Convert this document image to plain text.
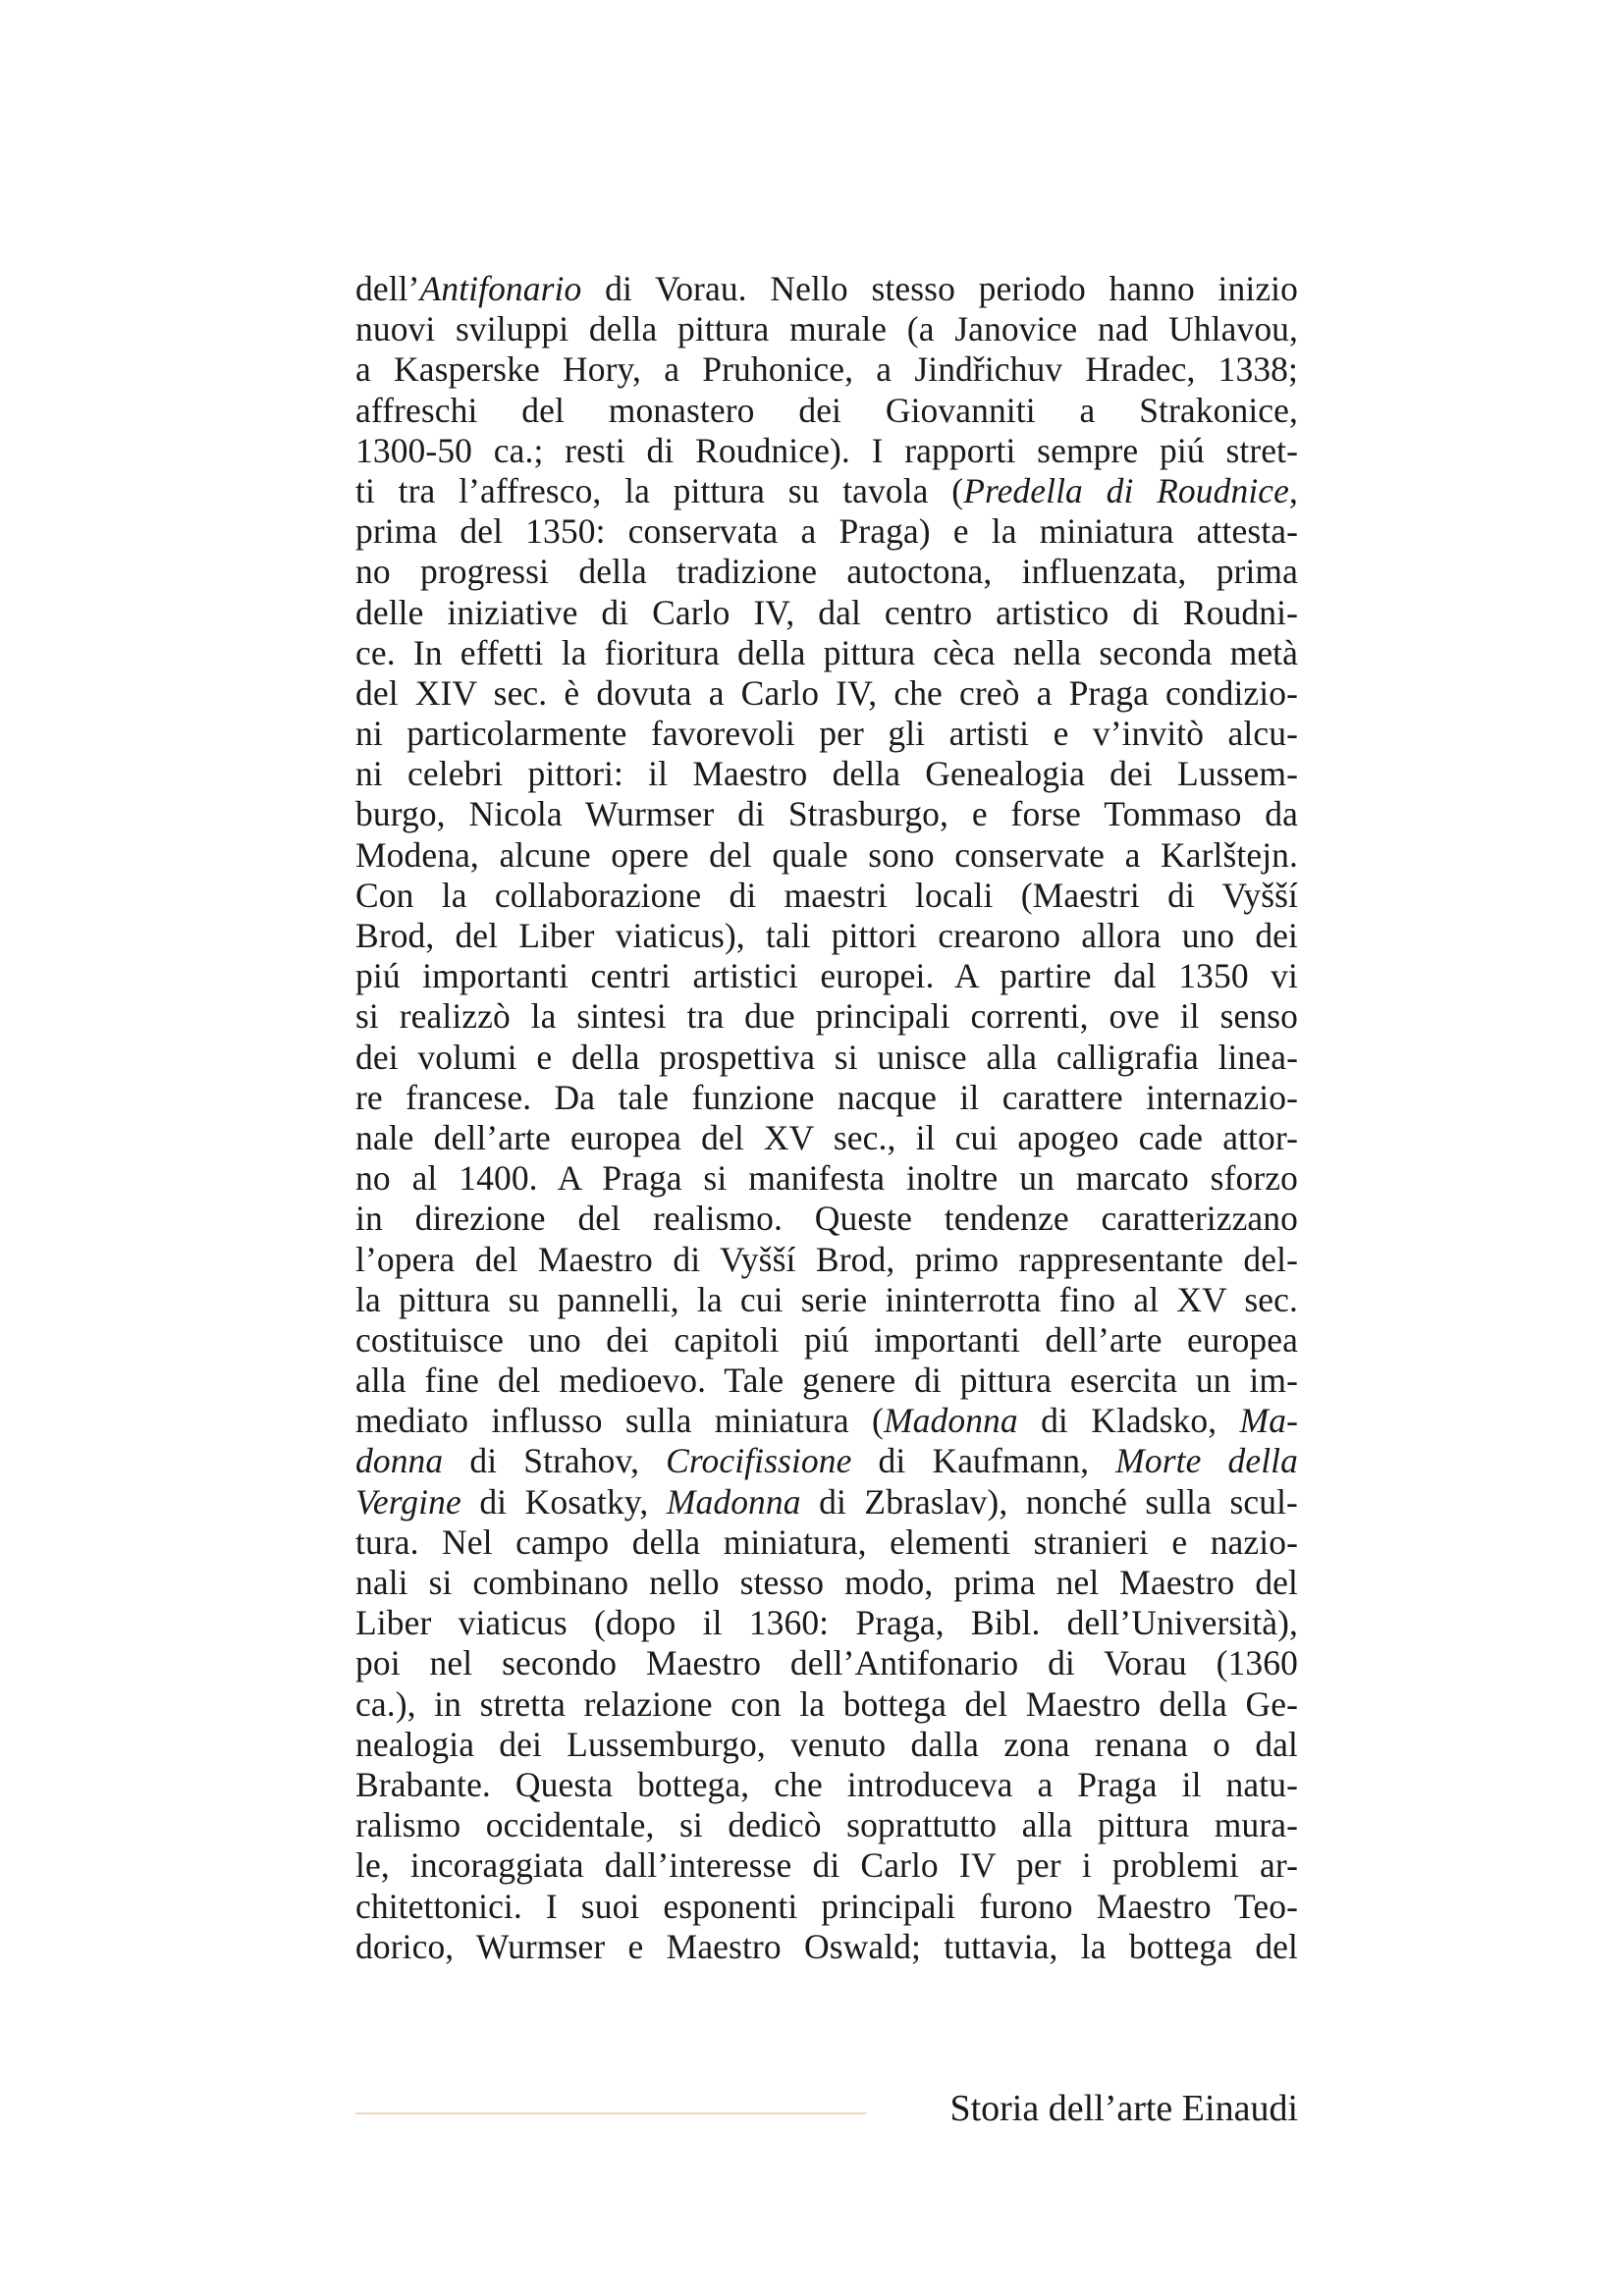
dell’Antifonario di Vorau. Nello stesso periodo hanno inizio
nuovi sviluppi della pittura murale (a Janovice nad Uhlavou,
a Kasperske Hory, a Pruhonice, a Jindřichuv Hradec, 1338;
affreschi del monastero dei Giovanniti a Strakonice,
1300-50 ca.; resti di Roudnice). I rapporti sempre piú stret-
ti tra l’affresco, la pittura su tavola (Predella di Roudnice,
prima del 1350: conservata a Praga) e la miniatura attesta-
no progressi della tradizione autoctona, influenzata, prima
delle iniziative di Carlo IV, dal centro artistico di Roudni-
ce. In effetti la fioritura della pittura cèca nella seconda metà
del XIV sec. è dovuta a Carlo IV, che creò a Praga condizio-
ni particolarmente favorevoli per gli artisti e v’invitò alcu-
ni celebri pittori: il Maestro della Genealogia dei Lussem-
burgo, Nicola Wurmser di Strasburgo, e forse Tommaso da
Modena, alcune opere del quale sono conservate a Karlštejn.
Con la collaborazione di maestri locali (Maestri di Vyšší
Brod, del Liber viaticus), tali pittori crearono allora uno dei
piú importanti centri artistici europei. A partire dal 1350 vi
si realizzò la sintesi tra due principali correnti, ove il senso
dei volumi e della prospettiva si unisce alla calligrafia linea-
re francese. Da tale funzione nacque il carattere internazio-
nale dell’arte europea del XV sec., il cui apogeo cade attor-
no al 1400. A Praga si manifesta inoltre un marcato sforzo
in direzione del realismo. Queste tendenze caratterizzano
l’opera del Maestro di Vyšší Brod, primo rappresentante del-
la pittura su pannelli, la cui serie ininterrotta fino al XV sec.
costituisce uno dei capitoli piú importanti dell’arte europea
alla fine del medioevo. Tale genere di pittura esercita un im-
mediato influsso sulla miniatura (Madonna di Kladsko, Ma-
donna di Strahov, Crocifissione di Kaufmann, Morte della
Vergine di Kosatky, Madonna di Zbraslav), nonché sulla scul-
tura. Nel campo della miniatura, elementi stranieri e nazio-
nali si combinano nello stesso modo, prima nel Maestro del
Liber viaticus (dopo il 1360: Praga, Bibl. dell’Università),
poi nel secondo Maestro dell’Antifonario di Vorau (1360
ca.), in stretta relazione con la bottega del Maestro della Ge-
nealogia dei Lussemburgo, venuto dalla zona renana o dal
Brabante. Questa bottega, che introduceva a Praga il natu-
ralismo occidentale, si dedicò soprattutto alla pittura mura-
le, incoraggiata dall’interesse di Carlo IV per i problemi ar-
chitettonici. I suoi esponenti principali furono Maestro Teo-
dorico, Wurmser e Maestro Oswald; tuttavia, la bottega del
Storia dell’arte Einaudi
